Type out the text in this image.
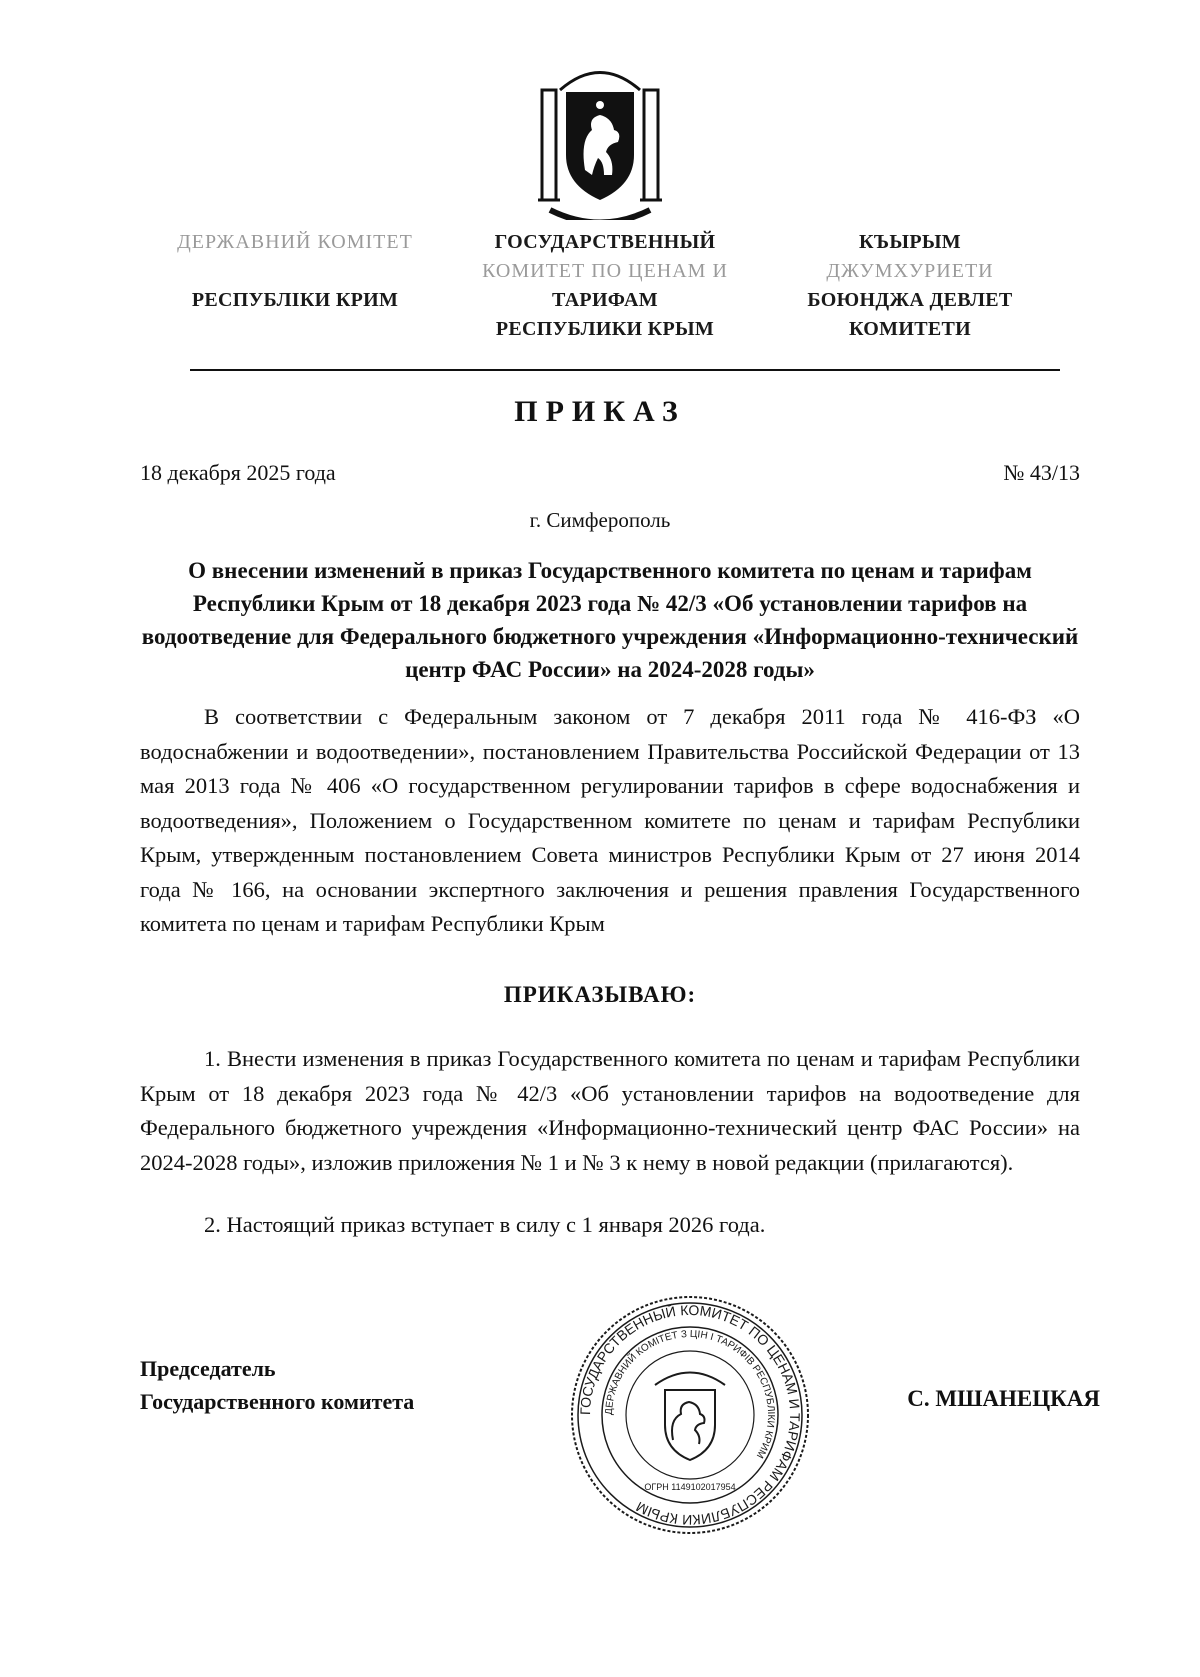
ДЕРЖАВНИЙ КОМІТЕТ
РЕСПУБЛІКИ КРИМ
ГОСУДАРСТВЕННЫЙ
КОМИТЕТ ПО ЦЕНАМ И
ТАРИФАМ
РЕСПУБЛИКИ КРЫМ
КЪЫРЫМ
ДЖУМХУРИЕТИ
БОЮНДЖА ДЕВЛЕТ
КОМИТЕТИ
ПРИКАЗ
18 декабря 2025 года	№ 43/13
г. Симферополь
О внесении изменений в приказ Государственного комитета по ценам и тарифам Республики Крым от 18 декабря 2023 года № 42/3 «Об установлении тарифов на водоотведение для Федерального бюджетного учреждения «Информационно-технический центр ФАС России» на 2024-2028 годы»
В соответствии с Федеральным законом от 7 декабря 2011 года № 416-ФЗ «О водоснабжении и водоотведении», постановлением Правительства Российской Федерации от 13 мая 2013 года № 406 «О государственном регулировании тарифов в сфере водоснабжения и водоотведения», Положением о Государственном комитете по ценам и тарифам Республики Крым, утвержденным постановлением Совета министров Республики Крым от 27 июня 2014 года № 166, на основании экспертного заключения и решения правления Государственного комитета по ценам и тарифам Республики Крым
ПРИКАЗЫВАЮ:
1. Внести изменения в приказ Государственного комитета по ценам и тарифам Республики Крым от 18 декабря 2023 года № 42/3 «Об установлении тарифов на водоотведение для Федерального бюджетного учреждения «Информационно-технический центр ФАС России» на 2024-2028 годы», изложив приложения № 1 и № 3 к нему в новой редакции (прилагаются).
2. Настоящий приказ вступает в силу с 1 января 2026 года.
Председатель
Государственного комитета	С. МШАНЕЦКАЯ
ГОСУДАРСТВЕННЫЙ КОМИТЕТ ПО ЦЕНАМ И ТАРИФАМ РЕСПУБЛИКИ КРЫМ
ДЕРЖАВНИЙ КОМІТЕТ З ЦІН І ТАРИФІВ РЕСПУБЛІКИ КРИМ
ОГРН 1149102017954
